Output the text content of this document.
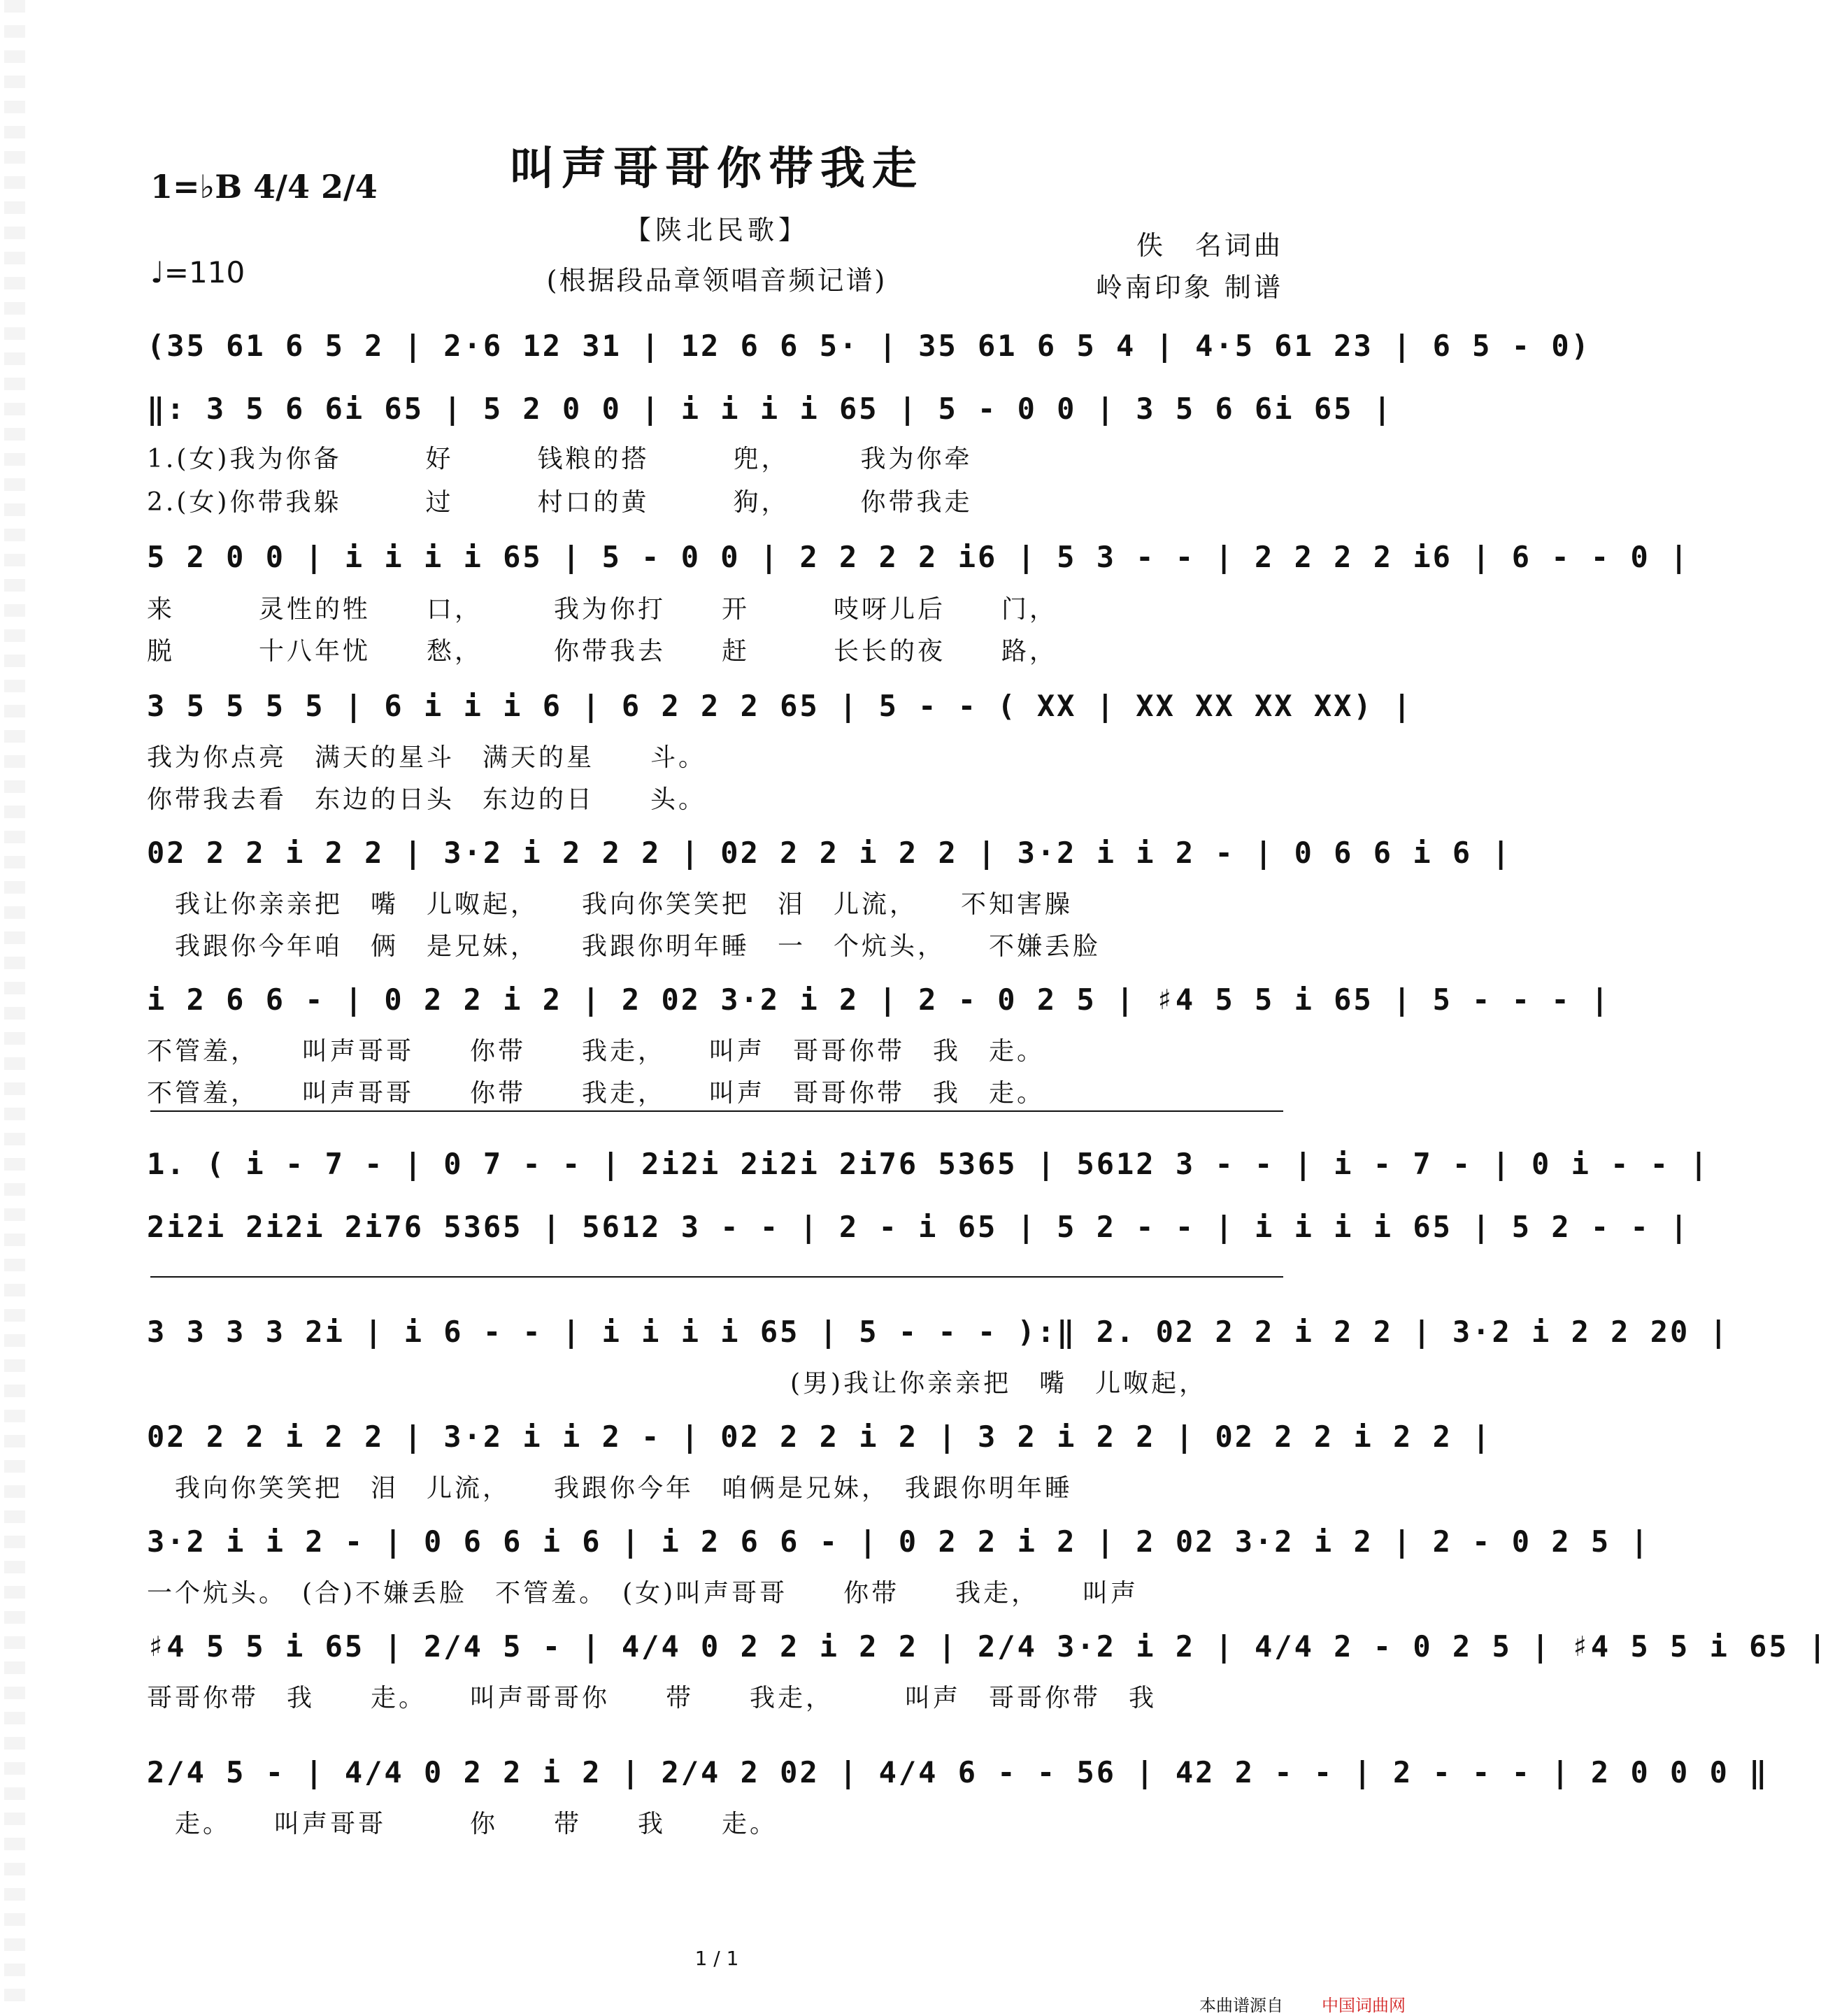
叫声哥哥你带我走
1=♭B 4/4 2/4
♩=110
【陕北民歌】
(根据段品章领唱音频记谱)
佚　名词曲
岭南印象 制谱
(35 61 6 5 2 | 2·6 12 31 | 12 6 6 5· | 35 61 6 5 4 | 4·5 61 23 | 6 5 - 0)
‖: 3 5 6 6i 65 | 5 2 0 0 | i i i i 65 | 5 - 0 0 | 3 5 6 6i 65 |
1.(女)我为你备　　　好　　　钱粮的搭　　　兜，　　　我为你牵
2.(女)你带我躲　　　过　　　村口的黄　　　狗，　　　你带我走
5 2 0 0 | i i i i 65 | 5 - 0 0 | 2 2 2 2 i6 | 5 3 - - | 2 2 2 2 i6 | 6 - - 0 |
来　　　灵性的牲　　口，　　　我为你打　　开　　　吱呀儿后　　门，
脱　　　十八年忧　　愁，　　　你带我去　　赶　　　长长的夜　　路，
3 5 5 5 5 | 6 i i i 6 | 6 2 2 2 65 | 5 - - ( XX | XX XX XX XX) |
我为你点亮　满天的星斗　满天的星　　斗。
你带我去看　东边的日头　东边的日　　头。
02 2 2 i 2 2 | 3·2 i 2 2 2 | 02 2 2 i 2 2 | 3·2 i i 2 - | 0 6 6 i 6 |
　我让你亲亲把　嘴　儿呶起，　　我向你笑笑把　泪　儿流，　　不知害臊
　我跟你今年咱　俩　是兄妹，　　我跟你明年睡　一　个炕头，　　不嫌丢脸
i 2 6 6 - | 0 2 2 i 2 | 2 02 3·2 i 2 | 2 - 0 2 5 | ♯4 5 5 i 65 | 5 - - - |
不管羞，　　叫声哥哥　　你带　　我走，　　叫声　哥哥你带　我　走。
不管羞，　　叫声哥哥　　你带　　我走，　　叫声　哥哥你带　我　走。
1. ( i - 7 - | 0 7 - - | 2i2i 2i2i 2i76 5365 | 5612 3 - - | i - 7 - | 0 i - - |
2i2i 2i2i 2i76 5365 | 5612 3 - - | 2 - i 65 | 5 2 - - | i i i i 65 | 5 2 - - |
3 3 3 3 2i | i 6 - - | i i i i 65 | 5 - - - ):‖ 2. 02 2 2 i 2 2 | 3·2 i 2 2 20 |
　　　　　　　　　　　　　　　　　　　　　　　(男)我让你亲亲把　嘴　儿呶起，
02 2 2 i 2 2 | 3·2 i i 2 - | 02 2 2 i 2 | 3 2 i 2 2 | 02 2 2 i 2 2 |
　我向你笑笑把　泪　儿流，　　我跟你今年　咱俩是兄妹，　我跟你明年睡
3·2 i i 2 - | 0 6 6 i 6 | i 2 6 6 - | 0 2 2 i 2 | 2 02 3·2 i 2 | 2 - 0 2 5 |
一个炕头。　(合)不嫌丢脸　不管羞。　(女)叫声哥哥　　你带　　我走，　　叫声
♯4 5 5 i 65 | 2/4 5 - | 4/4 0 2 2 i 2 2 | 2/4 3·2 i 2 | 4/4 2 - 0 2 5 | ♯4 5 5 i 65 |
哥哥你带　我　　走。　　叫声哥哥你　　带　　我走，　　　叫声　哥哥你带　我
2/4 5 - | 4/4 0 2 2 i 2 | 2/4 2 02 | 4/4 6 - - 56 | 42 2 - - | 2 - - - | 2 0 0 0 ‖
　走。　　叫声哥哥　　　你　　带　　我　　走。
1 / 1
本曲谱源自 中国词曲网
